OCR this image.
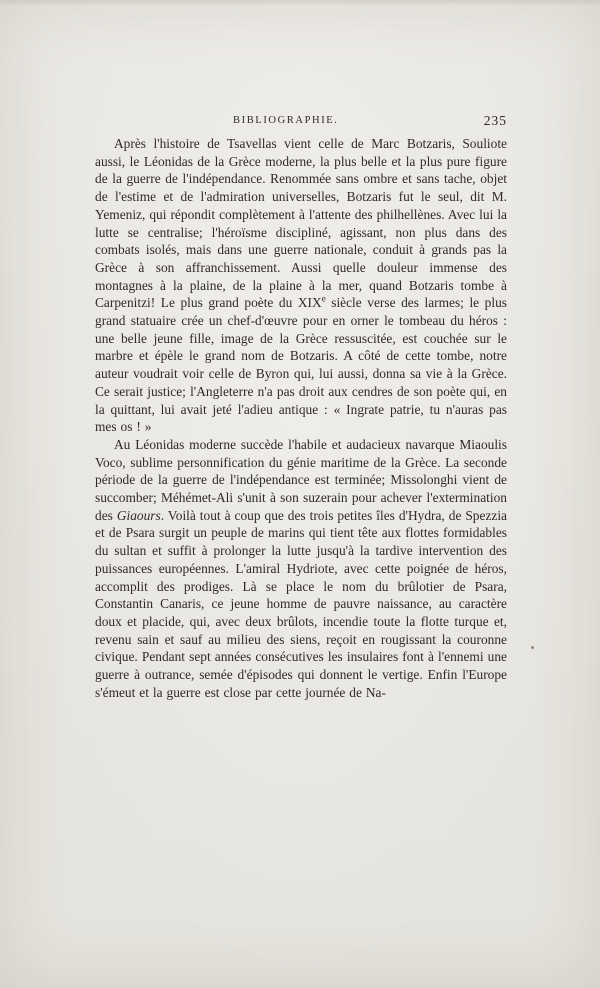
BIBLIOGRAPHIE.	235

Après l'histoire de Tsavellas vient celle de Marc Botzaris, Souliote aussi, le Léonidas de la Grèce moderne, la plus belle et la plus pure figure de la guerre de l'indépendance. Renommée sans ombre et sans tache, objet de l'estime et de l'admiration universelles, Botzaris fut le seul, dit M. Yemeniz, qui répondit complètement à l'attente des philhellènes. Avec lui la lutte se centralise; l'héroïsme discipliné, agissant, non plus dans des combats isolés, mais dans une guerre nationale, conduit à grands pas la Grèce à son affranchissement. Aussi quelle douleur immense des montagnes à la plaine, de la plaine à la mer, quand Botzaris tombe à Carpenitzi! Le plus grand poète du XIXe siècle verse des larmes; le plus grand statuaire crée un chef-d'œuvre pour en orner le tombeau du héros : une belle jeune fille, image de la Grèce ressuscitée, est couchée sur le marbre et épèle le grand nom de Botzaris. A côté de cette tombe, notre auteur voudrait voir celle de Byron qui, lui aussi, donna sa vie à la Grèce. Ce serait justice; l'Angleterre n'a pas droit aux cendres de son poète qui, en la quittant, lui avait jeté l'adieu antique : « Ingrate patrie, tu n'auras pas mes os ! »

Au Léonidas moderne succède l'habile et audacieux navarque Miaoulis Voco, sublime personnification du génie maritime de la Grèce. La seconde période de la guerre de l'indépendance est terminée; Missolonghi vient de succomber; Méhémet-Ali s'unit à son suzerain pour achever l'extermination des Giaours. Voilà tout à coup que des trois petites îles d'Hydra, de Spezzia et de Psara surgit un peuple de marins qui tient tête aux flottes formidables du sultan et suffit à prolonger la lutte jusqu'à la tardive intervention des puissances européennes. L'amiral Hydriote, avec cette poignée de héros, accomplit des prodiges. Là se place le nom du brûlotier de Psara, Constantin Canaris, ce jeune homme de pauvre naissance, au caractère doux et placide, qui, avec deux brûlots, incendie toute la flotte turque et, revenu sain et sauf au milieu des siens, reçoit en rougissant la couronne civique. Pendant sept années consécutives les insulaires font à l'ennemi une guerre à outrance, semée d'épisodes qui donnent le vertige. Enfin l'Europe s'émeut et la guerre est close par cette journée de Na-
